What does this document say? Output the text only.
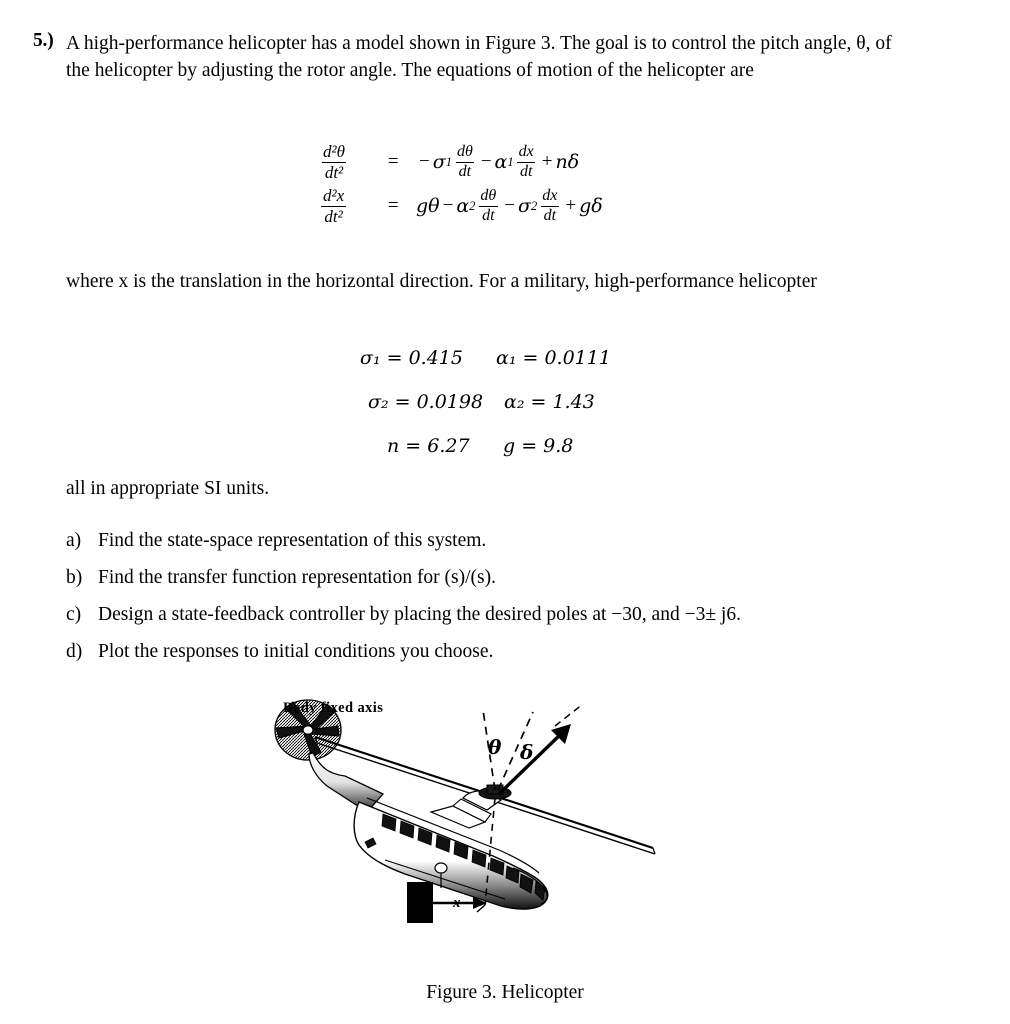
5.) A high-performance helicopter has a model shown in Figure 3. The goal is to control the pitch angle, θ, of the helicopter by adjusting the rotor angle. The equations of motion of the helicopter are
$\frac{\text{d²θ}}{\text{dt²}}$	=	− σ $1 \frac{d\theta}{dt} - \alpha$ $1 \frac{dx}{dt} + n\delta$
$\frac{\text{d²x}}{\text{dt²}}$	= gθ − α $2 \frac{d\theta}{dt} - \sigma$ $2 \frac{dx}{dt} + g\delta$
where x is the translation in the horizontal direction. For a military, high-performance helicopter
σ₁ = 0.415	α₁ = 0.0111
σ₂ = 0.0198	α₂ = 1.43
n = 6.27	g = 9.8
all in appropriate SI units.
a) Find the state-space representation of this system.
b) Find the transfer function representation for (s)/(s).
c) Design a state-feedback controller by placing the desired poles at −30, and −3± j6.
d) Plot the responses to initial conditions you choose.
θ δ
x
Body fixed axis
Figure 3. Helicopter
